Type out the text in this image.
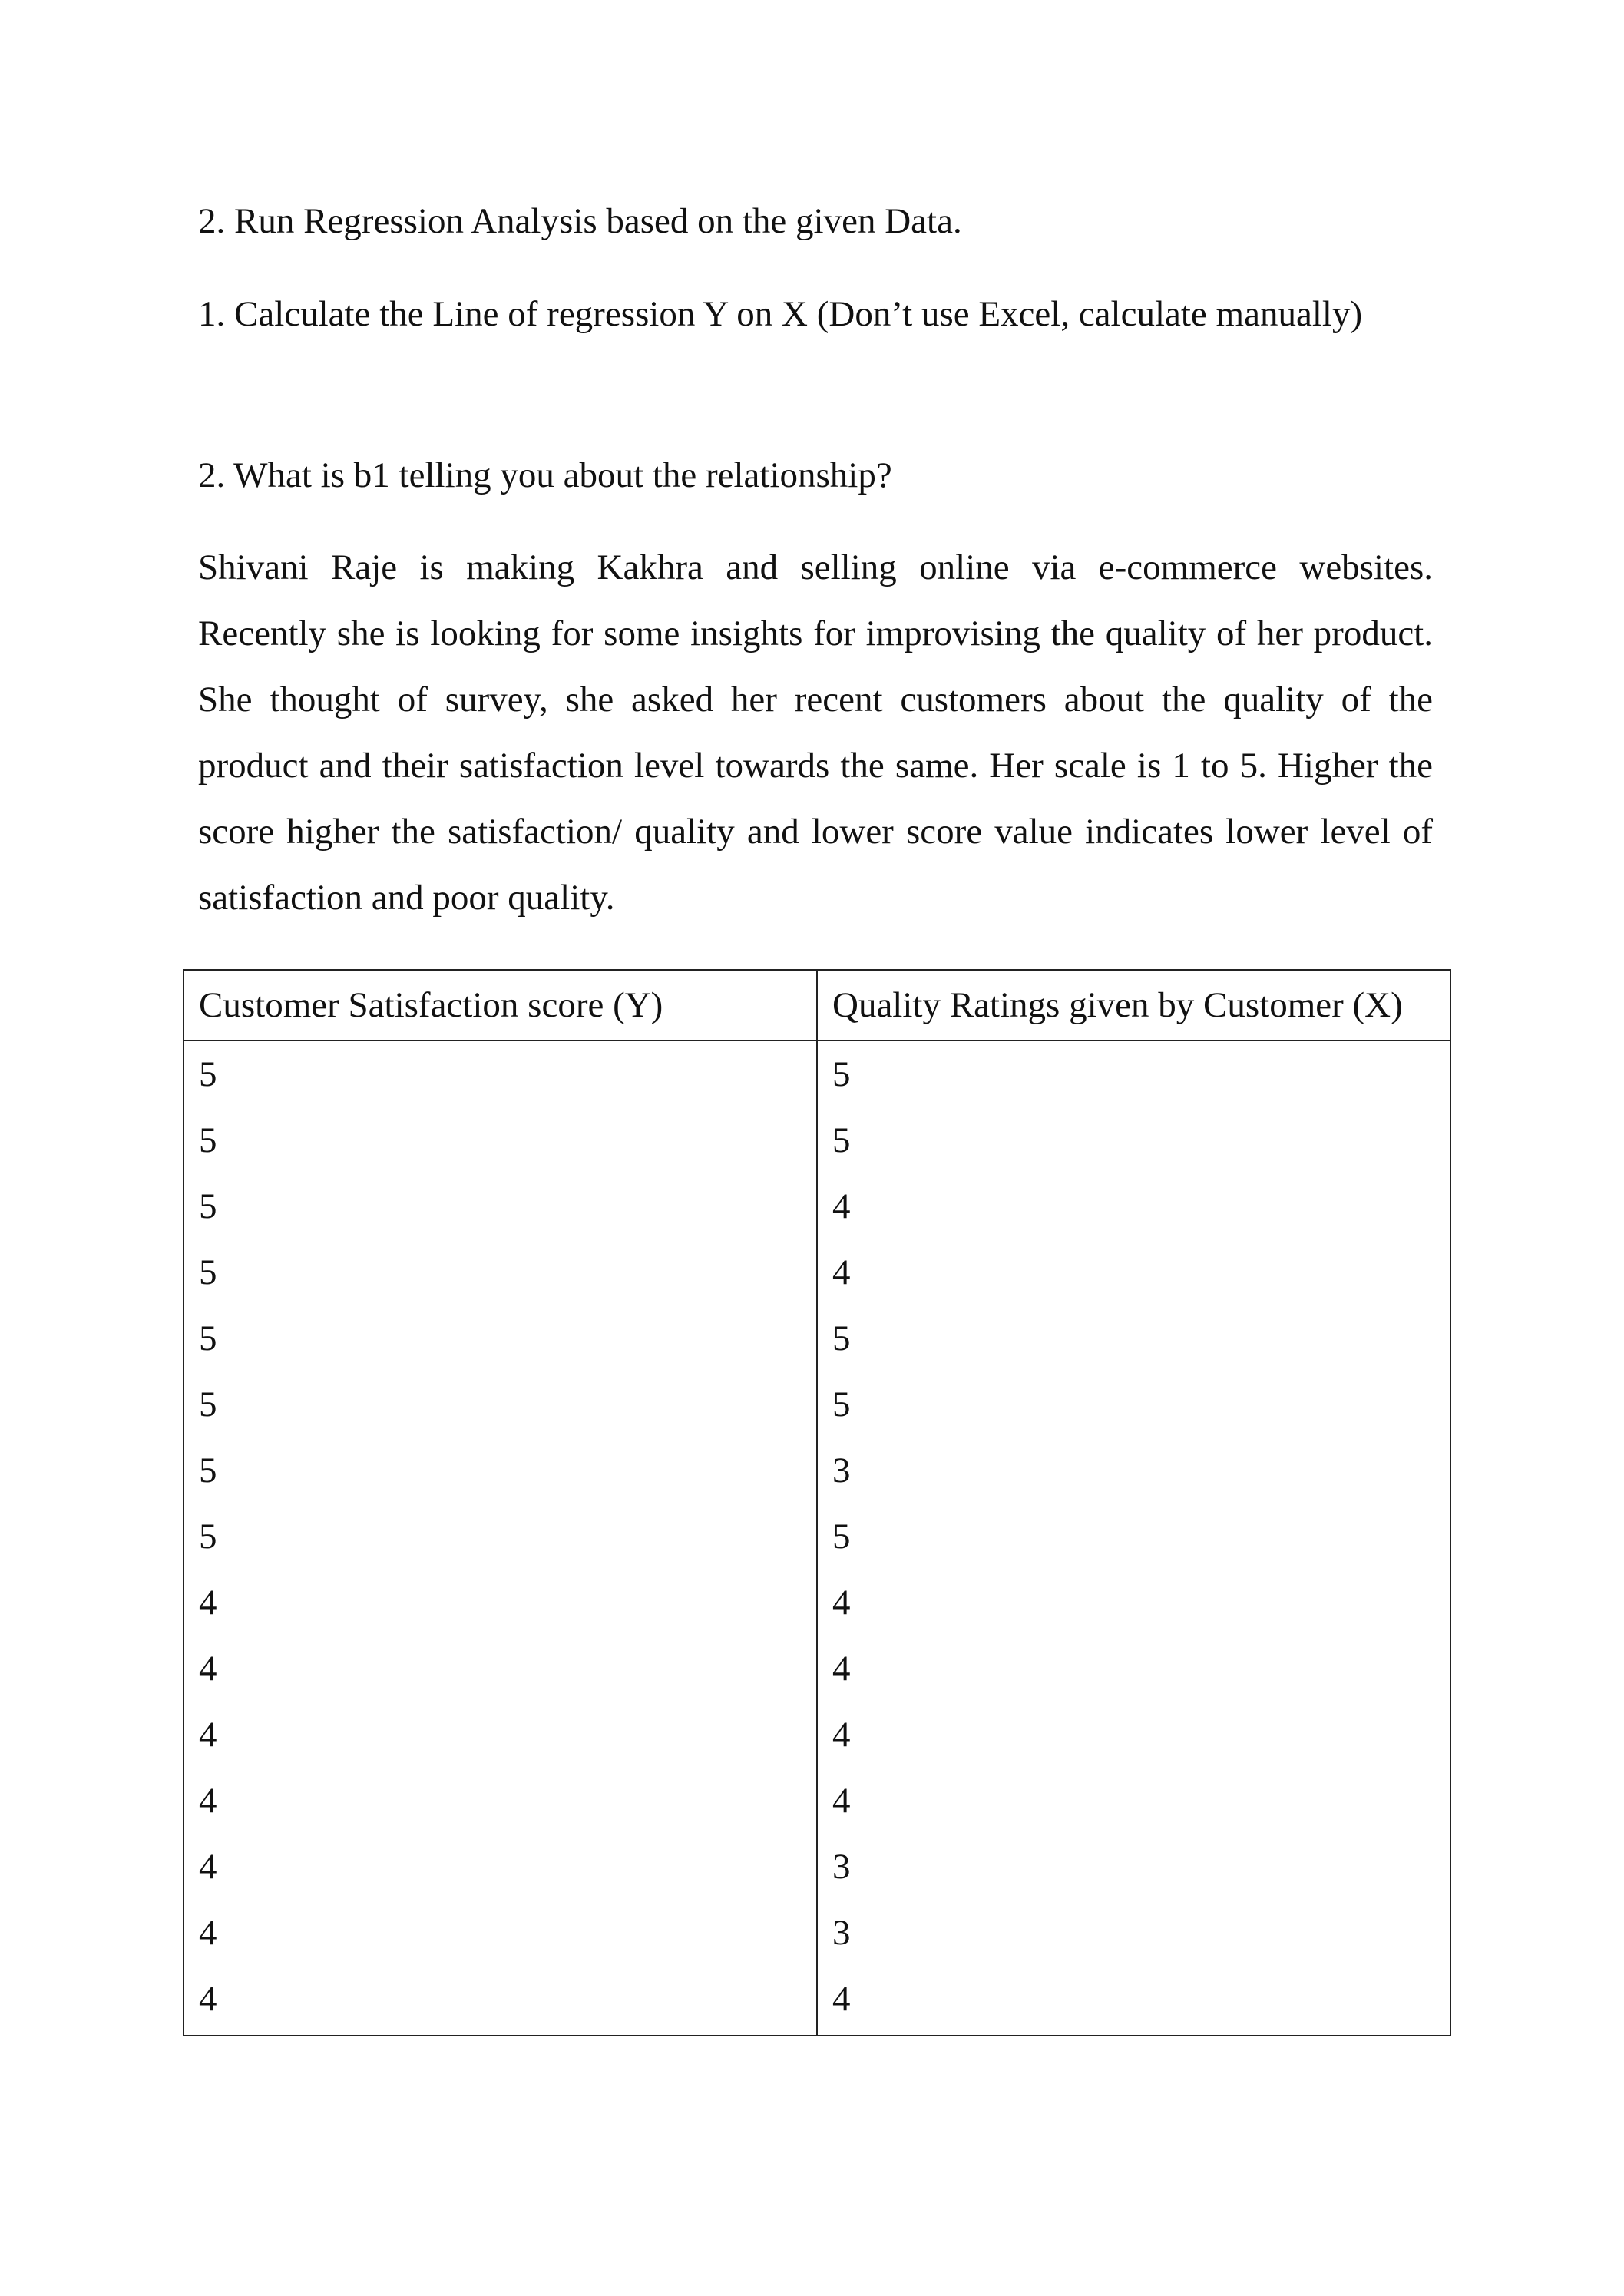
2. Run Regression Analysis based on the given Data.
1. Calculate the Line of regression Y on X (Don’t use Excel, calculate manually)
2. What is b1 telling you about the relationship?
Shivani Raje is making Kakhra and selling online via e-commerce websites. Recently she is looking for some insights for improvising the quality of her product. She thought of survey, she asked her recent customers about the quality of the product and their satisfaction level towards the same. Her scale is 1 to 5. Higher the score higher the satisfaction/ quality and lower score value indicates lower level of satisfaction and poor quality.
Customer Satisfaction score (Y)	Quality Ratings given by Customer (X)
5	5
5	5
5	4
5	4
5	5
5	5
5	3
5	5
4	4
4	4
4	4
4	4
4	3
4	3
4	4
